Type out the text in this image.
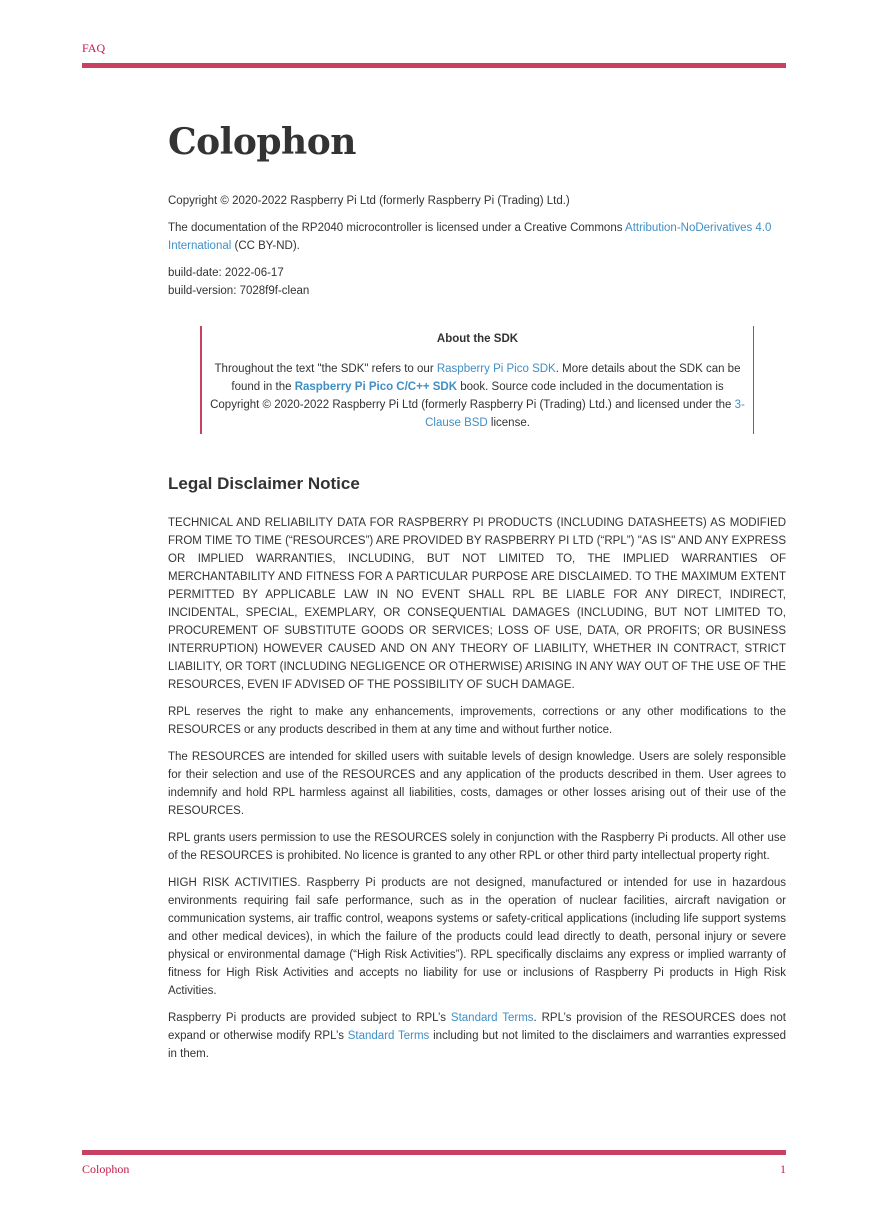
FAQ
Colophon

Copyright © 2020-2022 Raspberry Pi Ltd (formerly Raspberry Pi (Trading) Ltd.)

The documentation of the RP2040 microcontroller is licensed under a Creative Commons Attribution-NoDerivatives 4.0 International (CC BY-ND).

build-date: 2022-06-17
build-version: 7028f9f-clean

About the SDK

Throughout the text "the SDK" refers to our Raspberry Pi Pico SDK. More details about the SDK can be found in the Raspberry Pi Pico C/C++ SDK book. Source code included in the documentation is Copyright © 2020-2022 Raspberry Pi Ltd (formerly Raspberry Pi (Trading) Ltd.) and licensed under the 3-Clause BSD license.

Legal Disclaimer Notice

TECHNICAL AND RELIABILITY DATA FOR RASPBERRY PI PRODUCTS (INCLUDING DATASHEETS) AS MODIFIED FROM TIME TO TIME (“RESOURCES”) ARE PROVIDED BY RASPBERRY PI LTD (“RPL”) "AS IS" AND ANY EXPRESS OR IMPLIED WARRANTIES, INCLUDING, BUT NOT LIMITED TO, THE IMPLIED WARRANTIES OF MERCHANTABILITY AND FITNESS FOR A PARTICULAR PURPOSE ARE DISCLAIMED. TO THE MAXIMUM EXTENT PERMITTED BY APPLICABLE LAW IN NO EVENT SHALL RPL BE LIABLE FOR ANY DIRECT, INDIRECT, INCIDENTAL, SPECIAL, EXEMPLARY, OR CONSEQUENTIAL DAMAGES (INCLUDING, BUT NOT LIMITED TO, PROCUREMENT OF SUBSTITUTE GOODS OR SERVICES; LOSS OF USE, DATA, OR PROFITS; OR BUSINESS INTERRUPTION) HOWEVER CAUSED AND ON ANY THEORY OF LIABILITY, WHETHER IN CONTRACT, STRICT LIABILITY, OR TORT (INCLUDING NEGLIGENCE OR OTHERWISE) ARISING IN ANY WAY OUT OF THE USE OF THE RESOURCES, EVEN IF ADVISED OF THE POSSIBILITY OF SUCH DAMAGE.

RPL reserves the right to make any enhancements, improvements, corrections or any other modifications to the RESOURCES or any products described in them at any time and without further notice.

The RESOURCES are intended for skilled users with suitable levels of design knowledge. Users are solely responsible for their selection and use of the RESOURCES and any application of the products described in them. User agrees to indemnify and hold RPL harmless against all liabilities, costs, damages or other losses arising out of their use of the RESOURCES.

RPL grants users permission to use the RESOURCES solely in conjunction with the Raspberry Pi products. All other use of the RESOURCES is prohibited. No licence is granted to any other RPL or other third party intellectual property right.

HIGH RISK ACTIVITIES. Raspberry Pi products are not designed, manufactured or intended for use in hazardous environments requiring fail safe performance, such as in the operation of nuclear facilities, aircraft navigation or communication systems, air traffic control, weapons systems or safety-critical applications (including life support systems and other medical devices), in which the failure of the products could lead directly to death, personal injury or severe physical or environmental damage (“High Risk Activities”). RPL specifically disclaims any express or implied warranty of fitness for High Risk Activities and accepts no liability for use or inclusions of Raspberry Pi products in High Risk Activities.

Raspberry Pi products are provided subject to RPL’s Standard Terms. RPL’s provision of the RESOURCES does not expand or otherwise modify RPL’s Standard Terms including but not limited to the disclaimers and warranties expressed in them.

Colophon	1
